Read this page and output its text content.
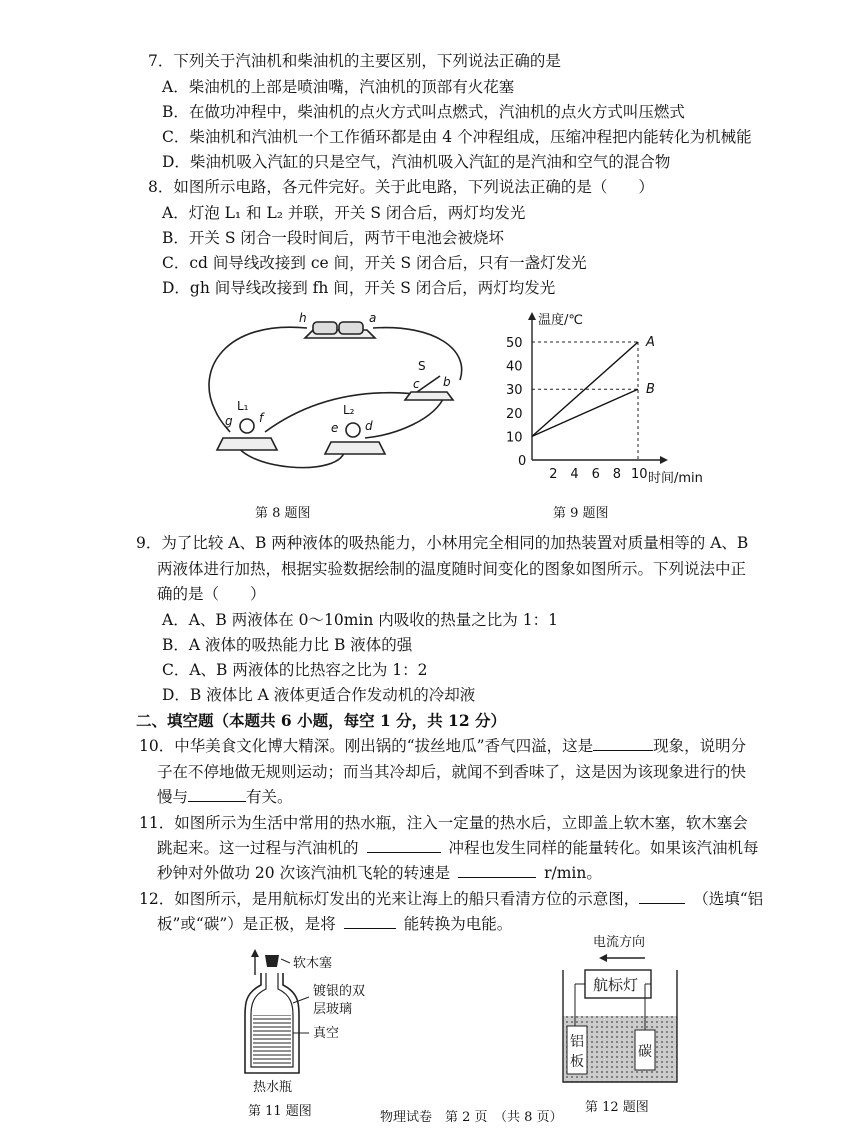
7．下列关于汽油机和柴油机的主要区别，下列说法正确的是
A．柴油机的上部是喷油嘴，汽油机的顶部有火花塞
B．在做功冲程中，柴油机的点火方式叫点燃式，汽油机的点火方式叫压燃式
C．柴油机和汽油机一个工作循环都是由 4 个冲程组成，压缩冲程把内能转化为机械能
D．柴油机吸入汽缸的只是空气，汽油机吸入汽缸的是汽油和空气的混合物
8．如图所示电路，各元件完好。关于此电路，下列说法正确的是（　　）
A．灯泡 L₁ 和 L₂ 并联，开关 S 闭合后，两灯均发光
B．开关 S 闭合一段时间后，两节干电池会被烧坏
C．cd 间导线改接到 ce 间，开关 S 闭合后，只有一盏灯发光
D．gh 间导线改接到 fh 间，开关 S 闭合后，两灯均发光
h	a
c b
g f
e d
S
L₁	L₂
第 8 题图
温度/℃
时间/min
0
2 4 6 8 10
10
20
30
40
50	A
B
第 9 题图
9．为了比较 A、B 两种液体的吸热能力，小林用完全相同的加热装置对质量相等的 A、B
两液体进行加热，根据实验数据绘制的温度随时间变化的图象如图所示。下列说法中正
确的是（　　）
A．A、B 两液体在 0～10min 内吸收的热量之比为 1：1
B．A 液体的吸热能力比 B 液体的强
C．A、B 两液体的比热容之比为 1：2
D．B 液体比 A 液体更适合作发动机的冷却液
二、填空题（本题共 6 小题，每空 1 分，共 12 分）
10．中华美食文化博大精深。刚出锅的“拔丝地瓜”香气四溢，这是	现象，说明分
子在不停地做无规则运动；而当其冷却后，就闻不到香味了，这是因为该现象进行的快
慢与	有关。
11．如图所示为生活中常用的热水瓶，注入一定量的热水后，立即盖上软木塞，软木塞会
跳起来。这一过程与汽油机的	冲程也发生同样的能量转化。如果该汽油机每
秒钟对外做功 20 次该汽油机飞轮的转速是	r/min。
12．如图所示，是用航标灯发出的光来让海上的船只看清方位的示意图，	（选填“铝
板”或“碳”）是正极，是将	能转换为电能。
软木塞
镀银的双
层玻璃
真空
热水瓶
第 11 题图
电流方向
航标灯
铝
板
碳
第 12 题图
物理试卷　第 2 页　（共 8 页）
